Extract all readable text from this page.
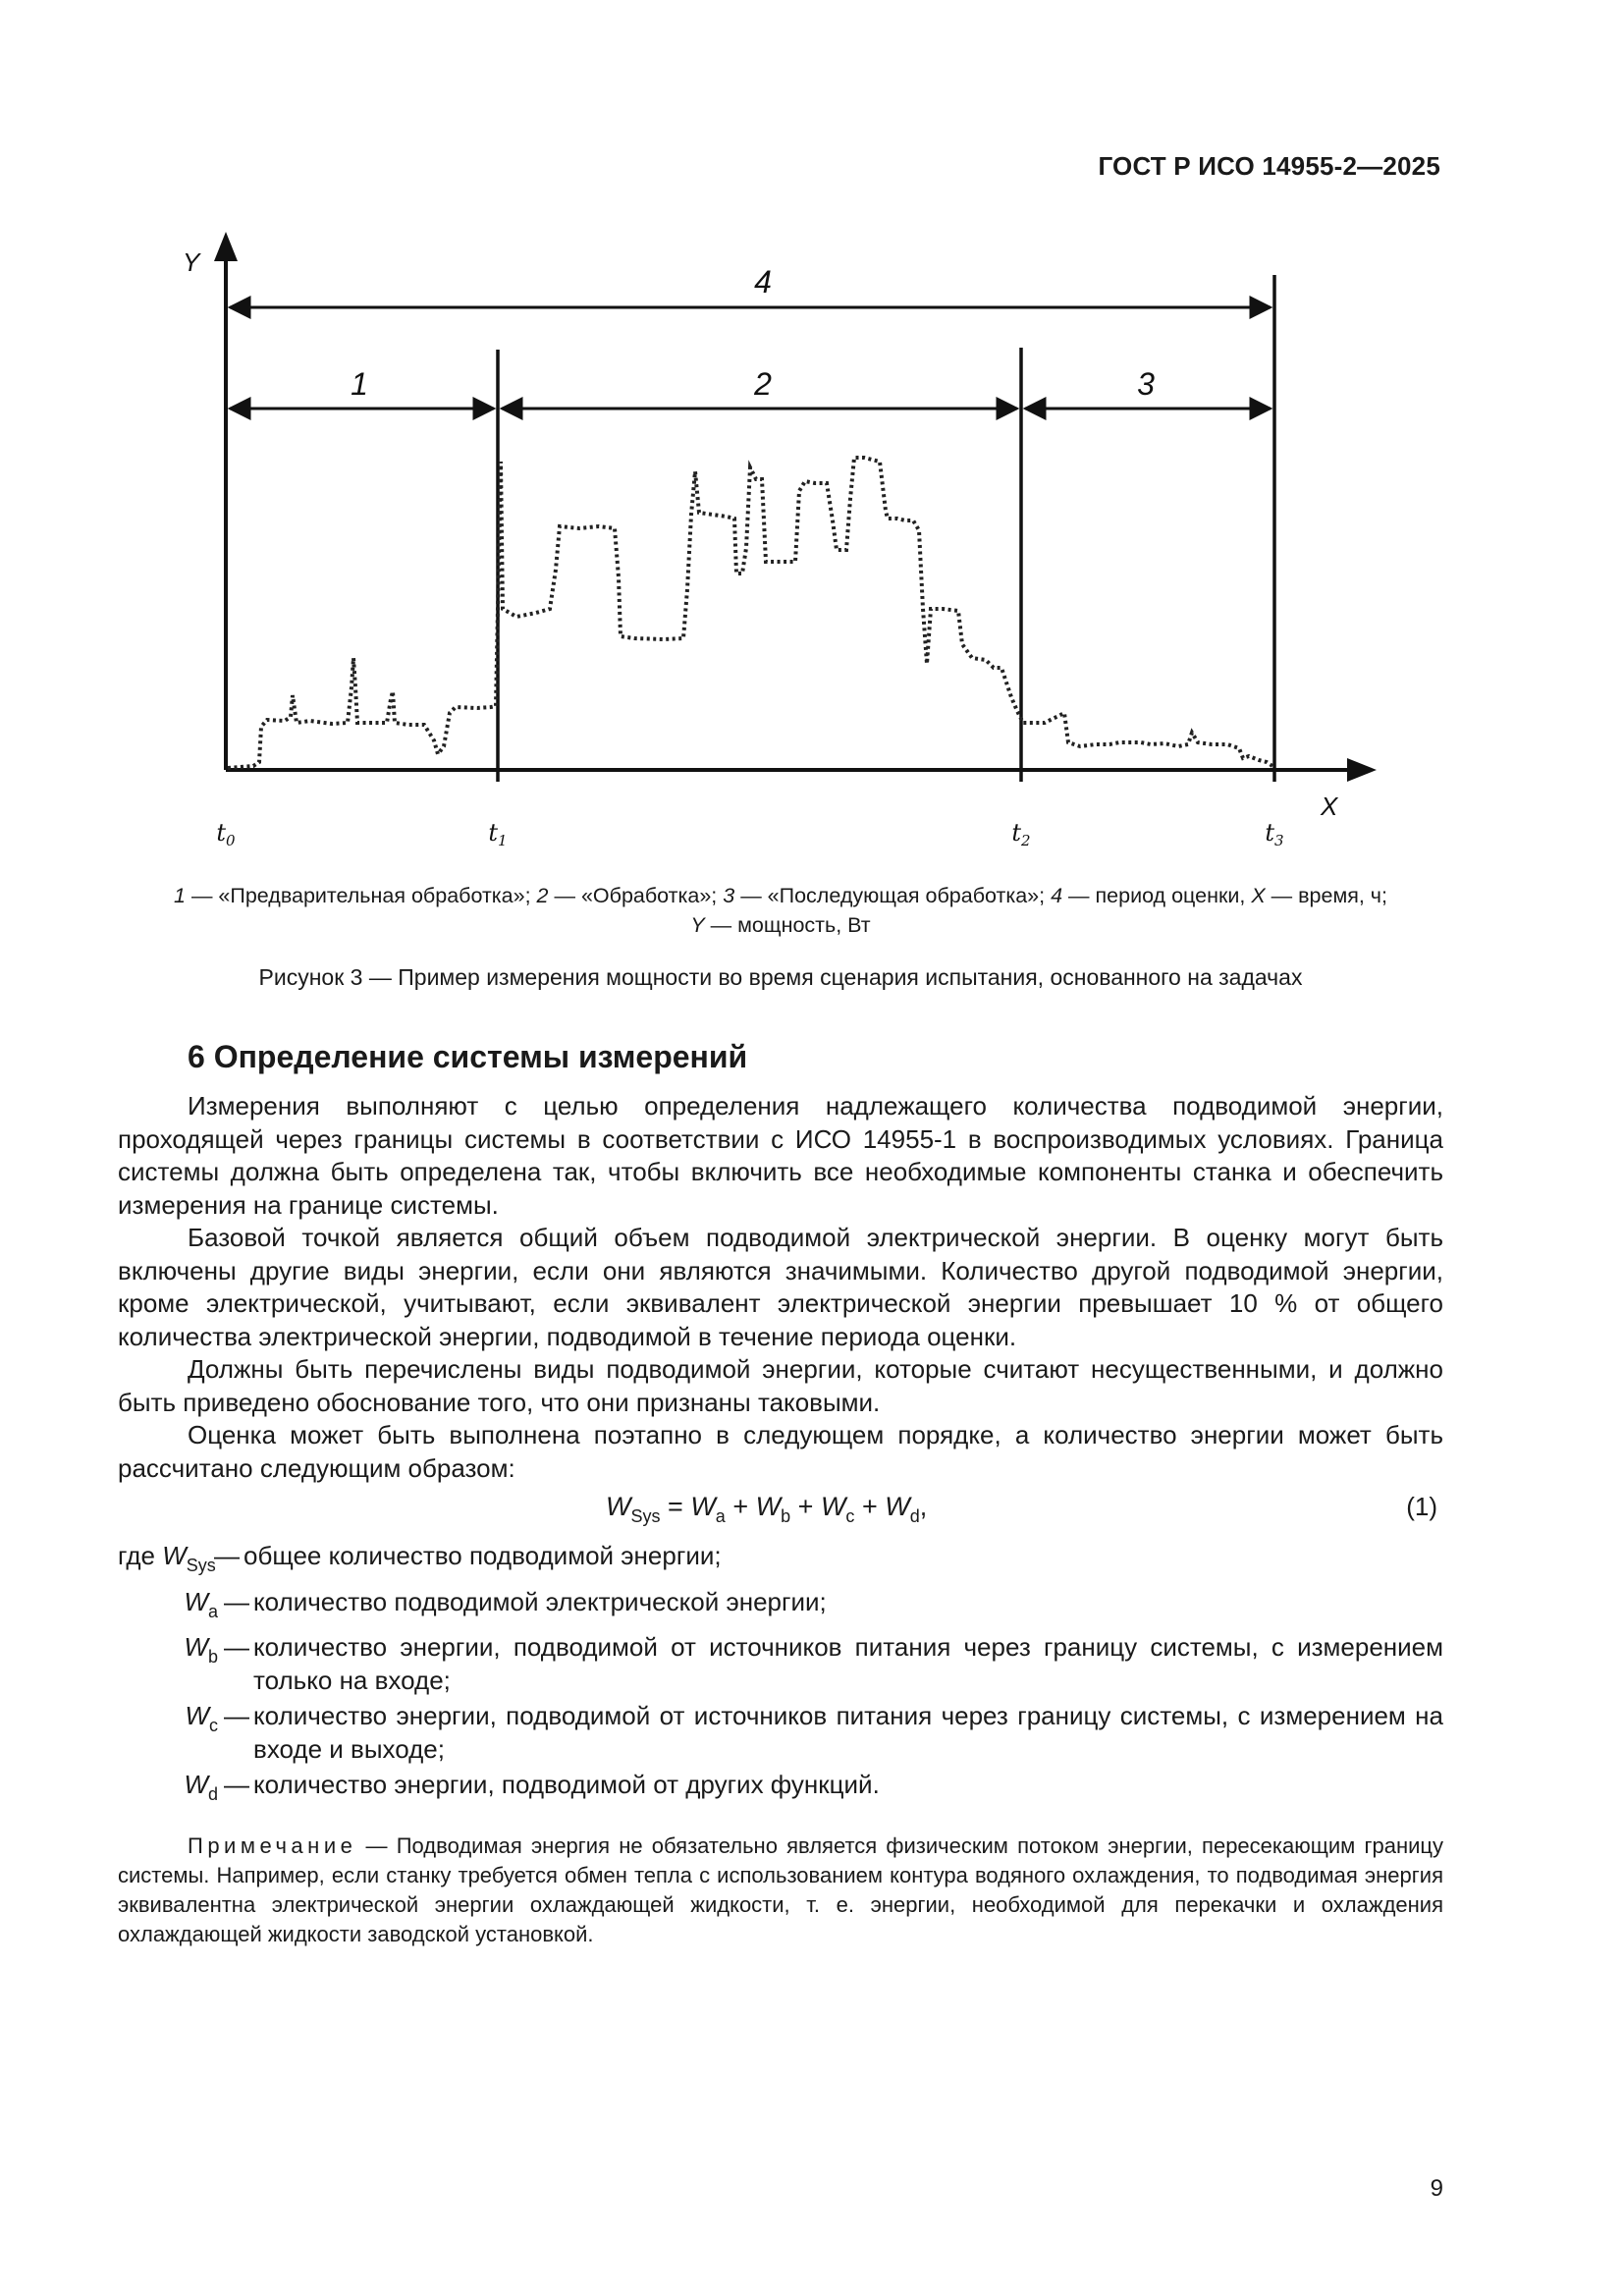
ГОСТ Р ИСО 14955-2—2025
Y
X
4
1	2	3
$t_0$	$t_1$	$t_2$	$t_3$
1 — «Предварительная обработка»; 2 — «Обработка»; 3 — «Последующая обработка»; 4 — период оценки, X — время, ч;
Y — мощность, Вт
Рисунок 3 — Пример измерения мощности во время сценария испытания, основанного на задачах
6 Определение системы измерений

Измерения выполняют с целью определения надлежащего количества подводимой энергии, проходящей через границы системы в соответствии с ИСО 14955-1 в воспроизводимых условиях. Граница системы должна быть определена так, чтобы включить все необходимые компоненты станка и обеспечить измерения на границе системы.

Базовой точкой является общий объем подводимой электрической энергии. В оценку могут быть включены другие виды энергии, если они являются значимыми. Количество другой подводимой энергии, кроме электрической, учитывают, если эквивалент электрической энергии превышает 10 % от общего количества электрической энергии, подводимой в течение периода оценки.

Должны быть перечислены виды подводимой энергии, которые считают несущественными, и должно быть приведено обоснование того, что они признаны таковыми.

Оценка может быть выполнена поэтапно в следующем порядке, а количество энергии может быть рассчитано следующим образом:

$W_{Sys} = W_a + W_b + W_c + W_d$,	(1)
где $W_{Sys}$
— общее количество подводимой энергии;
$W_a$ — количество подводимой электрической энергии;
$W_b$ — количество энергии, подводимой от источников питания через границу системы, с измерением только на входе;
$W_c$ — количество энергии, подводимой от источников питания через границу системы, с измерением на входе и выходе;
$W_d$ — количество энергии, подводимой от других функций.

Примечание — Подводимая энергия не обязательно является физическим потоком энергии, пересекающим границу системы. Например, если станку требуется обмен тепла с использованием контура водяного охлаждения, то подводимая энергия эквивалентна электрической энергии охлаждающей жидкости, т. е. энергии, необходимой для перекачки и охлаждения охлаждающей жидкости заводской установкой.

9
